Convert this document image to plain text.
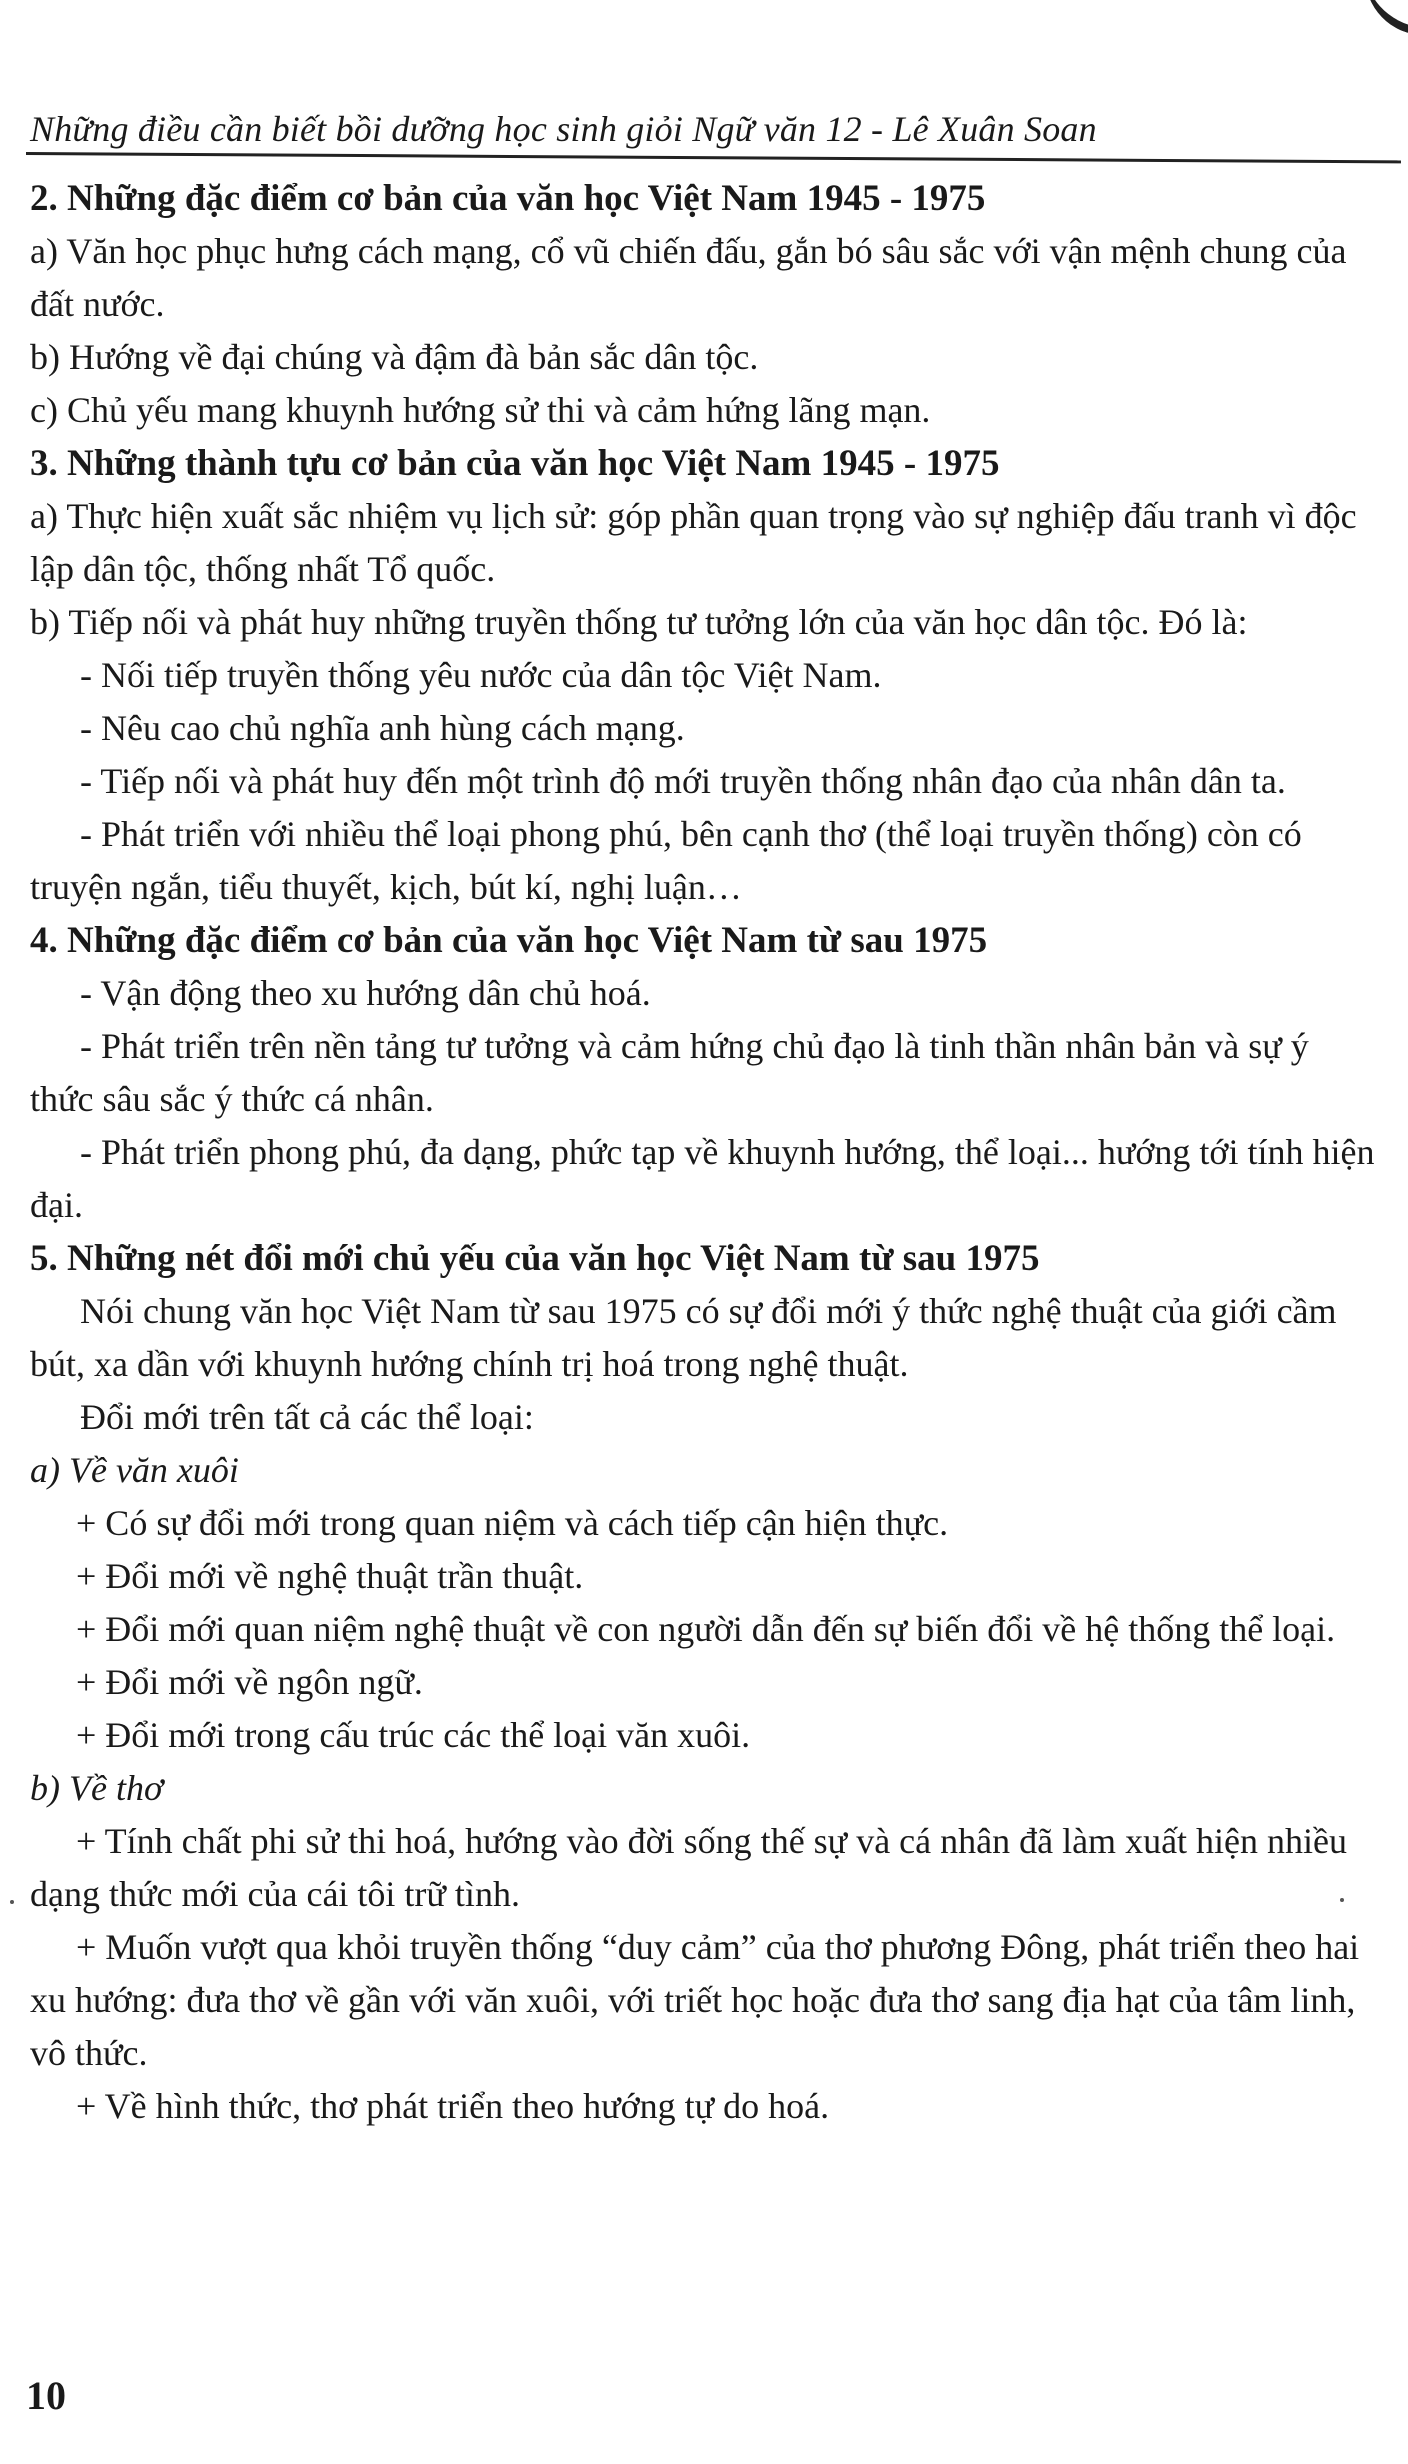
Những điều cần biết bồi dưỡng học sinh giỏi Ngữ văn 12 - Lê Xuân Soan

2. Những đặc điểm cơ bản của văn học Việt Nam 1945 - 1975

a) Văn học phục hưng cách mạng, cổ vũ chiến đấu, gắn bó sâu sắc với vận mệnh chung của đất nước.

b) Hướng về đại chúng và đậm đà bản sắc dân tộc.

c) Chủ yếu mang khuynh hướng sử thi và cảm hứng lãng mạn.

3. Những thành tựu cơ bản của văn học Việt Nam 1945 - 1975

a) Thực hiện xuất sắc nhiệm vụ lịch sử: góp phần quan trọng vào sự nghiệp đấu tranh vì độc lập dân tộc, thống nhất Tổ quốc.

b) Tiếp nối và phát huy những truyền thống tư tưởng lớn của văn học dân tộc. Đó là:

- Nối tiếp truyền thống yêu nước của dân tộc Việt Nam.

- Nêu cao chủ nghĩa anh hùng cách mạng.

- Tiếp nối và phát huy đến một trình độ mới truyền thống nhân đạo của nhân dân ta.

- Phát triển với nhiều thể loại phong phú, bên cạnh thơ (thể loại truyền thống) còn có truyện ngắn, tiểu thuyết, kịch, bút kí, nghị luận…

4. Những đặc điểm cơ bản của văn học Việt Nam từ sau 1975

- Vận động theo xu hướng dân chủ hoá.

- Phát triển trên nền tảng tư tưởng và cảm hứng chủ đạo là tinh thần nhân bản và sự ý thức sâu sắc ý thức cá nhân.

- Phát triển phong phú, đa dạng, phức tạp về khuynh hướng, thể loại... hướng tới tính hiện đại.

5. Những nét đổi mới chủ yếu của văn học Việt Nam từ sau 1975

Nói chung văn học Việt Nam từ sau 1975 có sự đổi mới ý thức nghệ thuật của giới cầm bút, xa dần với khuynh hướng chính trị hoá trong nghệ thuật.

Đổi mới trên tất cả các thể loại:

a) Về văn xuôi

+ Có sự đổi mới trong quan niệm và cách tiếp cận hiện thực.

+ Đổi mới về nghệ thuật trần thuật.

+ Đổi mới quan niệm nghệ thuật về con người dẫn đến sự biến đổi về hệ thống thể loại.

+ Đổi mới về ngôn ngữ.

+ Đổi mới trong cấu trúc các thể loại văn xuôi.

b) Về thơ

+ Tính chất phi sử thi hoá, hướng vào đời sống thế sự và cá nhân đã làm xuất hiện nhiều dạng thức mới của cái tôi trữ tình.

+ Muốn vượt qua khỏi truyền thống “duy cảm” của thơ phương Đông, phát triển theo hai xu hướng: đưa thơ về gần với văn xuôi, với triết học hoặc đưa thơ sang địa hạt của tâm linh, vô thức.

+ Về hình thức, thơ phát triển theo hướng tự do hoá.

10
